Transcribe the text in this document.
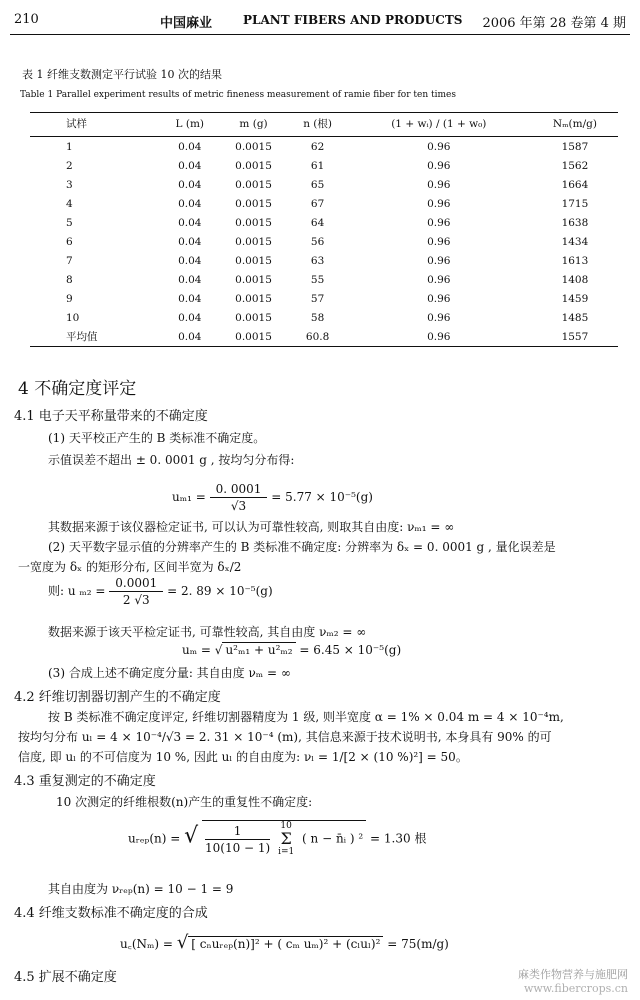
210	中国麻业	PLANT FIBERS AND PRODUCTS 2006 年第 28 卷第 4 期
表 1 纤维支数测定平行试验 10 次的结果
Table 1 Parallel experiment results of metric fineness measurement of ramie fiber for ten times
试样	L (m)	m (g)	n (根)	(1 + wᵢ) / (1 + w₀)	Nₘ(m/g)
1	0.04	0.0015	62	0.96	1587
2	0.04	0.0015	61	0.96	1562
3	0.04	0.0015	65	0.96	1664
4	0.04	0.0015	67	0.96	1715
5	0.04	0.0015	64	0.96	1638
6	0.04	0.0015	56	0.96	1434
7	0.04	0.0015	63	0.96	1613
8	0.04	0.0015	55	0.96	1408
9	0.04	0.0015	57	0.96	1459
10	0.04	0.0015	58	0.96	1485
平均值	0.04	0.0015	60.8	0.96	1557
4 不确定度评定
4.1 电子天平称量带来的不确定度
(1) 天平校正产生的 B 类标准不确定度。
示值误差不超出 ± 0. 0001 g , 按均匀分布得:
$u_{m1} = \frac{0. 0001}{√3} = 5.77 \times 10^{-5}(g)$
其数据来源于该仪器检定证书, 可以认为可靠性较高, 则取其自由度: νₘ₁ = ∞
(2) 天平数字显示值的分辨率产生的 B 类标准不确定度: 分辨率为 δₓ = 0. 0001 g , 量化误差是
一宽度为 δₓ 的矩形分布, 区间半宽为 δₓ/2
则: u $_{m2} = \frac{0.0001}{2 √3} = 2$. 89 × 10⁻⁵(g)
数据来源于该天平检定证书, 可靠性较高, 其自由度 νₘ₂ = ∞
uₘ = √ u²ₘ₁ + u²ₘ₂ = 6.45 × 10⁻⁵(g)
(3) 合成上述不确定度分量: 其自由度 νₘ = ∞
4.2 纤维切割器切割产生的不确定度
按 B 类标准不确定度评定, 纤维切割器精度为 1 级, 则半宽度 α = 1% × 0.04 m = 4 × 10⁻⁴m,
按均匀分布 uₗ = 4 × 10⁻⁴/√3 = 2. 31 × 10⁻⁴ (m), 其信息来源于技术说明书, 本身具有 90% 的可
信度, 即 uₗ 的不可信度为 10 %, 因此 uₗ 的自由度为: νₗ = 1/[2 × (10 %)²] = 50。
4.3 重复测定的不确定度
10 次测定的纤维根数(n)产生的重复性不确定度:
uᵣₑₚ(n) = √ $\frac{1}{10(10 - 1)}$
10
Σ
i=1
( n − n̄ᵢ ) ² = 1.30 根
其自由度为 νᵣₑₚ(n) = 10 − 1 = 9
4.4 纤维支数标准不确定度的合成
u꜀(Nₘ) = √ [ cₙuᵣₑₚ(n)]² + ( cₘ uₘ)² + (cₗuₗ)² = 75(m/g)
4.5 扩展不确定度	麻类作物营养与施肥网
www.fibercrops.cn
